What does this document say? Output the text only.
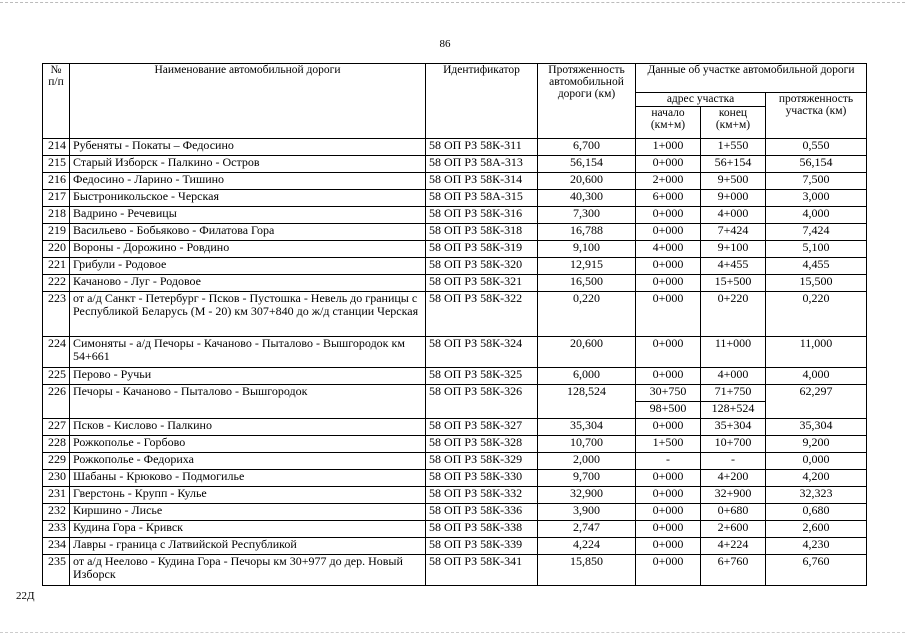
86
№ п/п	Наименование автомобильной дороги	Идентификатор	Протяженность автомобильной дороги (км)	Данные об участке автомобильной дороги		
				адрес участка		протяженность участка (км)
				начало (км+м)	конец (км+м)	
214	Рубеняты - Покаты – Федосино	58 ОП РЗ 58К-311	6,700	1+000	1+550	0,550
215	Старый Изборск - Палкино - Остров	58 ОП РЗ 58А-313	56,154	0+000	56+154	56,154
216	Федосино - Ларино - Тишино	58 ОП РЗ 58К-314	20,600	2+000	9+500	7,500
217	Быстроникольское - Черская	58 ОП РЗ 58А-315	40,300	6+000	9+000	3,000
218	Вадрино - Речевицы	58 ОП РЗ 58К-316	7,300	0+000	4+000	4,000
219	Васильево - Бобьяково - Филатова Гора	58 ОП РЗ 58К-318	16,788	0+000	7+424	7,424
220	Вороны - Дорожино - Ровдино	58 ОП РЗ 58К-319	9,100	4+000	9+100	5,100
221	Грибули - Родовое	58 ОП РЗ 58К-320	12,915	0+000	4+455	4,455
222	Качаново - Луг - Родовое	58 ОП РЗ 58К-321	16,500	0+000	15+500	15,500
223	от а/д Санкт - Петербург - Псков - Пустошка - Невель до границы с Республикой Беларусь (М - 20) км 307+840 до ж/д станции Черская	58 ОП РЗ 58К-322	0,220	0+000	0+220	0,220
224	Симоняты - а/д Печоры - Качаново - Пыталово - Вышгородок км 54+661	58 ОП РЗ 58К-324	20,600	0+000	11+000	11,000
225	Перово - Ручьи	58 ОП РЗ 58К-325	6,000	0+000	4+000	4,000
226	Печоры - Качаново - Пыталово - Вышгородок	58 ОП РЗ 58К-326	128,524	30+750	71+750	62,297
				98+500	128+524	
227	Псков - Кислово - Палкино	58 ОП РЗ 58К-327	35,304	0+000	35+304	35,304
228	Рожкополье - Горбово	58 ОП РЗ 58К-328	10,700	1+500	10+700	9,200
229	Рожкополье - Федориха	58 ОП РЗ 58К-329	2,000	-	-	0,000
230	Шабаны - Крюково - Подмогилье	58 ОП РЗ 58К-330	9,700	0+000	4+200	4,200
231	Гверстонь - Крупп - Кулье	58 ОП РЗ 58К-332	32,900	0+000	32+900	32,323
232	Киршино - Лисье	58 ОП РЗ 58К-336	3,900	0+000	0+680	0,680
233	Кудина Гора - Кривск	58 ОП РЗ 58К-338	2,747	0+000	2+600	2,600
234	Лавры - граница с Латвийской Республикой	58 ОП РЗ 58К-339	4,224	0+000	4+224	4,230
235	от а/д Неелово - Кудина Гора - Печоры км 30+977 до дер. Новый Изборск	58 ОП РЗ 58К-341	15,850	0+000	6+760	6,760
22Д
